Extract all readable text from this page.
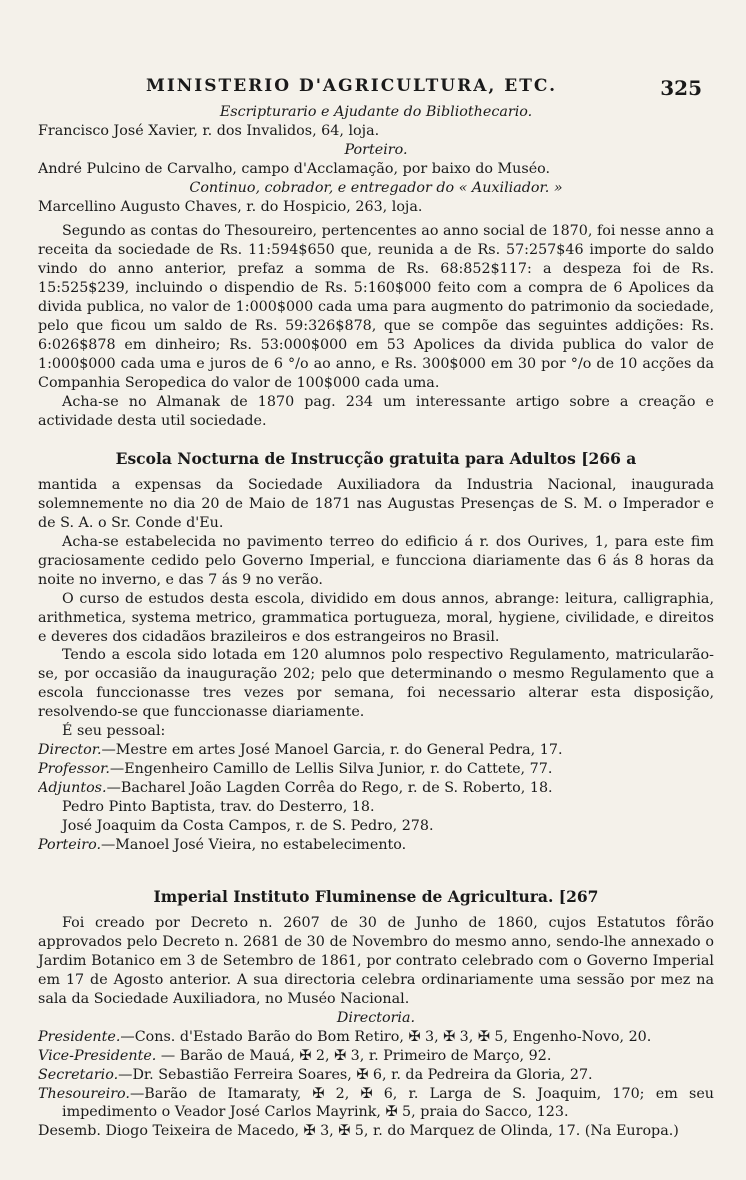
MINISTERIO D'AGRICULTURA, ETC.	325
Escripturario e Ajudante do Bibliothecario.
Francisco José Xavier, r. dos Invalidos, 64, loja.
Porteiro.
André Pulcino de Carvalho, campo d'Acclamação, por baixo do Muséo.
Continuo, cobrador, e entregador do « Auxiliador. »
Marcellino Augusto Chaves, r. do Hospicio, 263, loja.
Segundo as contas do Thesoureiro, pertencentes ao anno social de 1870, foi nesse anno a receita da sociedade de Rs. 11:594$650 que, reunida a de Rs. 57:257$46 importe do saldo vindo do anno anterior, prefaz a somma de Rs. 68:852$117: a despeza foi de Rs. 15:525$239, incluindo o dispendio de Rs. 5:160$000 feito com a compra de 6 Apolices da divida publica, no valor de 1:000$000 cada uma para augmento do patrimonio da sociedade, pelo que ficou um saldo de Rs. 59:326$878, que se compõe das seguintes addições: Rs. 6:026$878 em dinheiro; Rs. 53:000$000 em 53 Apolices da divida publica do valor de 1:000$000 cada uma e juros de 6 °/o ao anno, e Rs. 300$000 em 30 por °/o de 10 acções da Companhia Seropedica do valor de 100$000 cada uma.
Acha-se no Almanak de 1870 pag. 234 um interessante artigo sobre a creação e actividade desta util sociedade.
Escola Nocturna de Instrucção gratuita para Adultos [266 a
mantida a expensas da Sociedade Auxiliadora da Industria Nacional, inaugurada solemnemente no dia 20 de Maio de 1871 nas Augustas Presenças de S. M. o Imperador e de S. A. o Sr. Conde d'Eu.
Acha-se estabelecida no pavimento terreo do edificio á r. dos Ourives, 1, para este fim graciosamente cedido pelo Governo Imperial, e funcciona diariamente das 6 ás 8 horas da noite no inverno, e das 7 ás 9 no verão.
O curso de estudos desta escola, dividido em dous annos, abrange: leitura, calligraphia, arithmetica, systema metrico, grammatica portugueza, moral, hygiene, civilidade, e direitos e deveres dos cidadãos brazileiros e dos estrangeiros no Brasil.
Tendo a escola sido lotada em 120 alumnos polo respectivo Regulamento, matricularão-se, por occasião da inauguração 202; pelo que determinando o mesmo Regulamento que a escola funccionasse tres vezes por semana, foi necessario alterar esta disposição, resolvendo-se que funccionasse diariamente.
É seu pessoal:
Director.—Mestre em artes José Manoel Garcia, r. do General Pedra, 17.
Professor.—Engenheiro Camillo de Lellis Silva Junior, r. do Cattete, 77.
Adjuntos.—Bacharel João Lagden Corrêa do Rego, r. de S. Roberto, 18.
Pedro Pinto Baptista, trav. do Desterro, 18.
José Joaquim da Costa Campos, r. de S. Pedro, 278.
Porteiro.—Manoel José Vieira, no estabelecimento.
Imperial Instituto Fluminense de Agricultura. [267
Foi creado por Decreto n. 2607 de 30 de Junho de 1860, cujos Estatutos fôrão approvados pelo Decreto n. 2681 de 30 de Novembro do mesmo anno, sendo-lhe annexado o Jardim Botanico em 3 de Setembro de 1861, por contrato celebrado com o Governo Imperial em 17 de Agosto anterior. A sua directoria celebra ordinariamente uma sessão por mez na sala da Sociedade Auxiliadora, no Muséo Nacional.
Directoria.
Presidente.—Cons. d'Estado Barão do Bom Retiro, ✠ 3, ✠ 3, ✠ 5, Engenho-Novo, 20.
Vice-Presidente. — Barão de Mauá, ✠ 2, ✠ 3, r. Primeiro de Março, 92.
Secretario.—Dr. Sebastião Ferreira Soares, ✠ 6, r. da Pedreira da Gloria, 27.
Thesoureiro.—Barão de Itamaraty, ✠ 2, ✠ 6, r. Larga de S. Joaquim, 170; em seu impedimento o Veador José Carlos Mayrink, ✠ 5, praia do Sacco, 123.
Desemb. Diogo Teixeira de Macedo, ✠ 3, ✠ 5, r. do Marquez de Olinda, 17. (Na Europa.)
